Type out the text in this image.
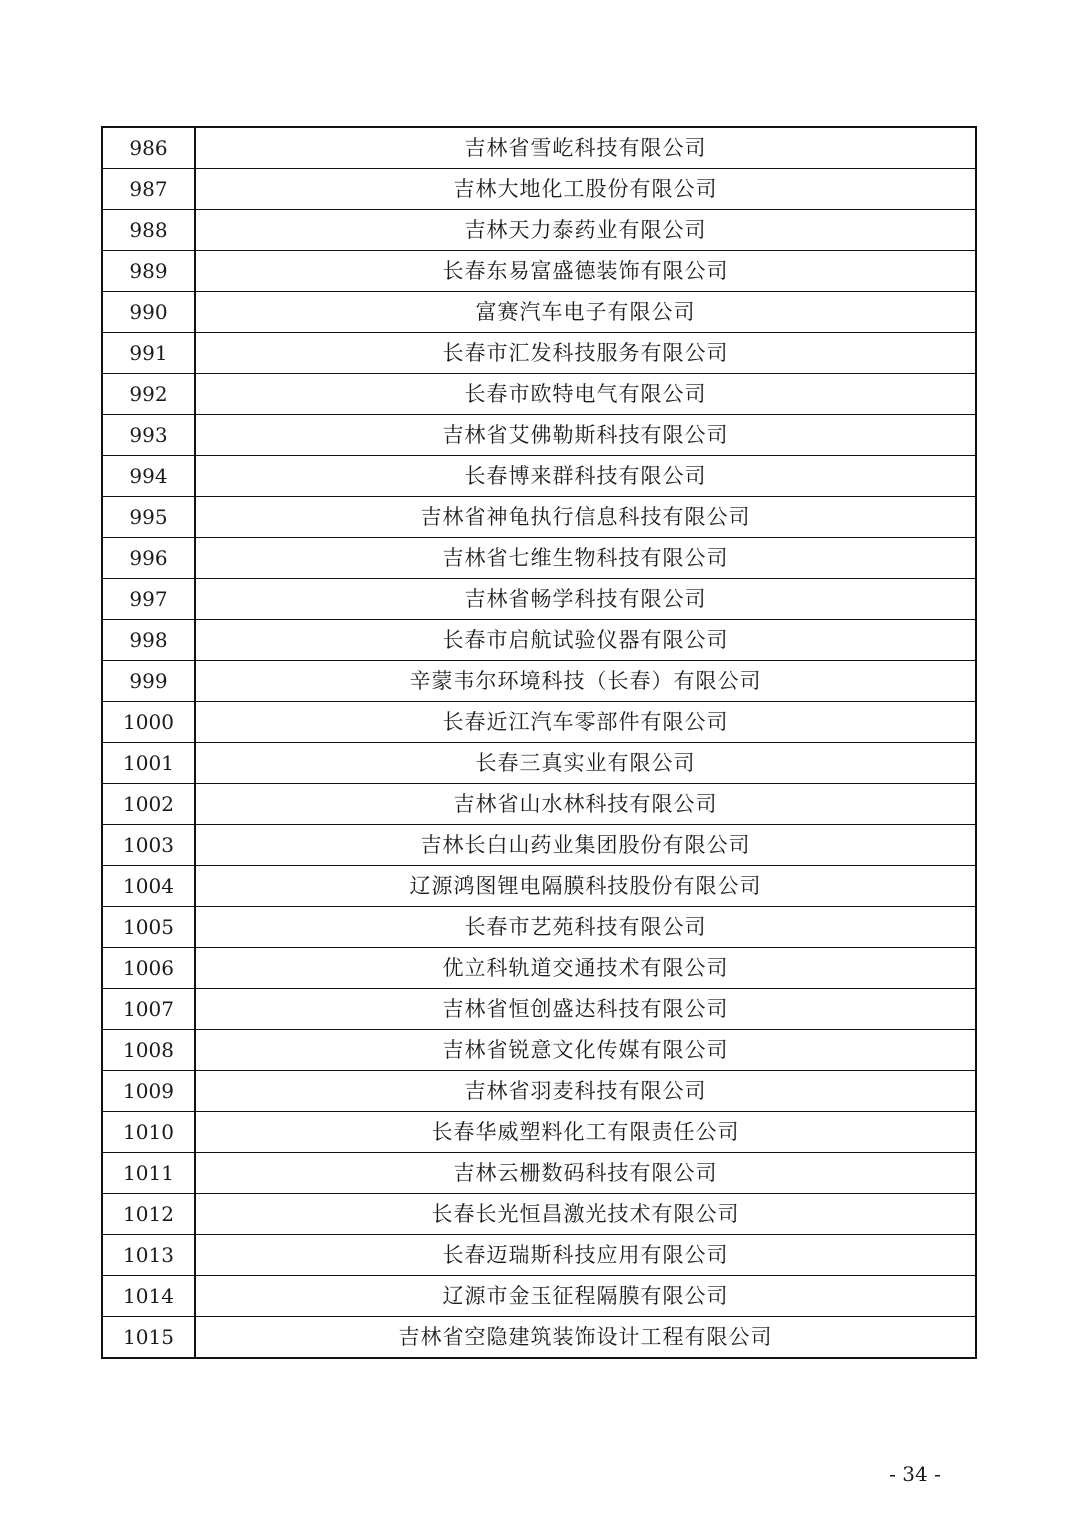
986	吉林省雪屹科技有限公司
987	吉林大地化工股份有限公司
988	吉林天力泰药业有限公司
989	长春东易富盛德装饰有限公司
990	富赛汽车电子有限公司
991	长春市汇发科技服务有限公司
992	长春市欧特电气有限公司
993	吉林省艾佛勒斯科技有限公司
994	长春博来群科技有限公司
995	吉林省神龟执行信息科技有限公司
996	吉林省七维生物科技有限公司
997	吉林省畅学科技有限公司
998	长春市启航试验仪器有限公司
999	辛蒙韦尔环境科技（长春）有限公司
1000	长春近江汽车零部件有限公司
1001	长春三真实业有限公司
1002	吉林省山水林科技有限公司
1003	吉林长白山药业集团股份有限公司
1004	辽源鸿图锂电隔膜科技股份有限公司
1005	长春市艺苑科技有限公司
1006	优立科轨道交通技术有限公司
1007	吉林省恒创盛达科技有限公司
1008	吉林省锐意文化传媒有限公司
1009	吉林省羽麦科技有限公司
1010	长春华威塑料化工有限责任公司
1011	吉林云栅数码科技有限公司
1012	长春长光恒昌激光技术有限公司
1013	长春迈瑞斯科技应用有限公司
1014	辽源市金玉征程隔膜有限公司
1015	吉林省空隐建筑装饰设计工程有限公司
- 34 -
